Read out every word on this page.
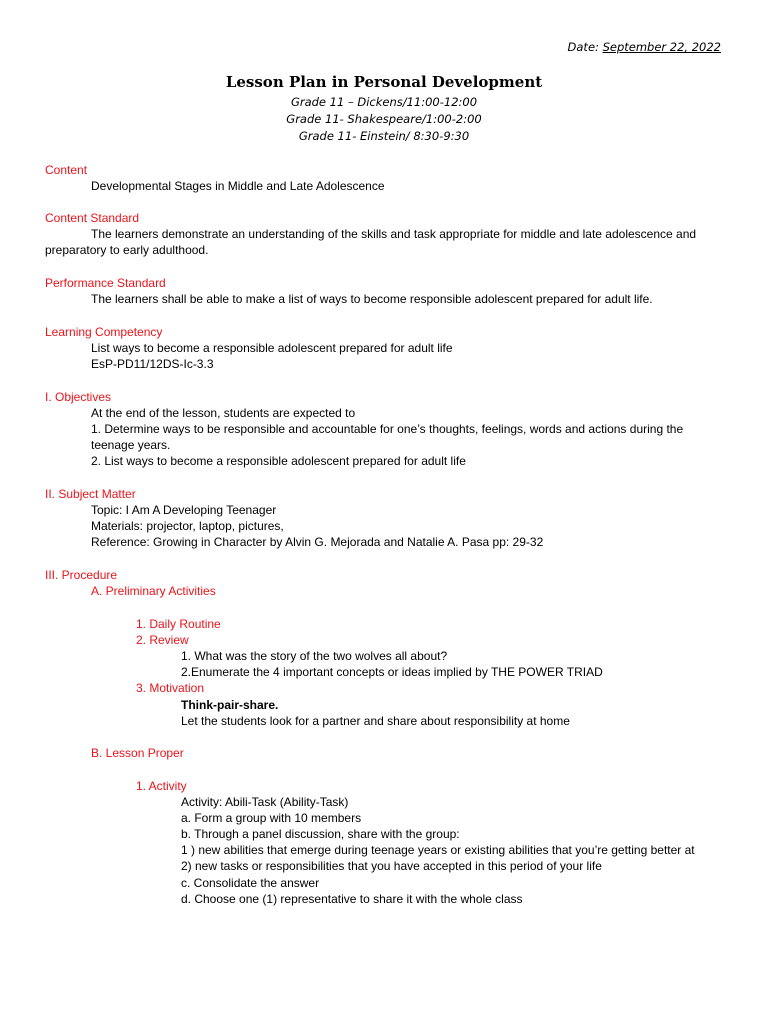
Date: September 22, 2022
Lesson Plan in Personal Development
Grade 11 – Dickens/11:00-12:00
Grade 11- Shakespeare/1:00-2:00
Grade 11- Einstein/ 8:30-9:30
Content
Developmental Stages in Middle and Late Adolescence
Content Standard
The learners demonstrate an understanding of the skills and task appropriate for middle and late adolescence and
preparatory to early adulthood.
Performance Standard
The learners shall be able to make a list of ways to become responsible adolescent prepared for adult life.
Learning Competency
List ways to become a responsible adolescent prepared for adult life
EsP-PD11/12DS-Ic-3.3
I. Objectives
At the end of the lesson, students are expected to
1. Determine ways to be responsible and accountable for one’s thoughts, feelings, words and actions during the
teenage years.
2. List ways to become a responsible adolescent prepared for adult life
II. Subject Matter
Topic: I Am A Developing Teenager
Materials: projector, laptop, pictures,
Reference: Growing in Character by Alvin G. Mejorada and Natalie A. Pasa pp: 29-32
III. Procedure
A. Preliminary Activities
1. Daily Routine
2. Review
1. What was the story of the two wolves all about?
2.Enumerate the 4 important concepts or ideas implied by THE POWER TRIAD
3. Motivation
Think-pair-share.
Let the students look for a partner and share about responsibility at home
B. Lesson Proper
1. Activity
Activity: Abili-Task (Ability-Task)
a. Form a group with 10 members
b. Through a panel discussion, share with the group:
1 ) new abilities that emerge during teenage years or existing abilities that you’re getting better at
2) new tasks or responsibilities that you have accepted in this period of your life
c. Consolidate the answer
d. Choose one (1) representative to share it with the whole class
